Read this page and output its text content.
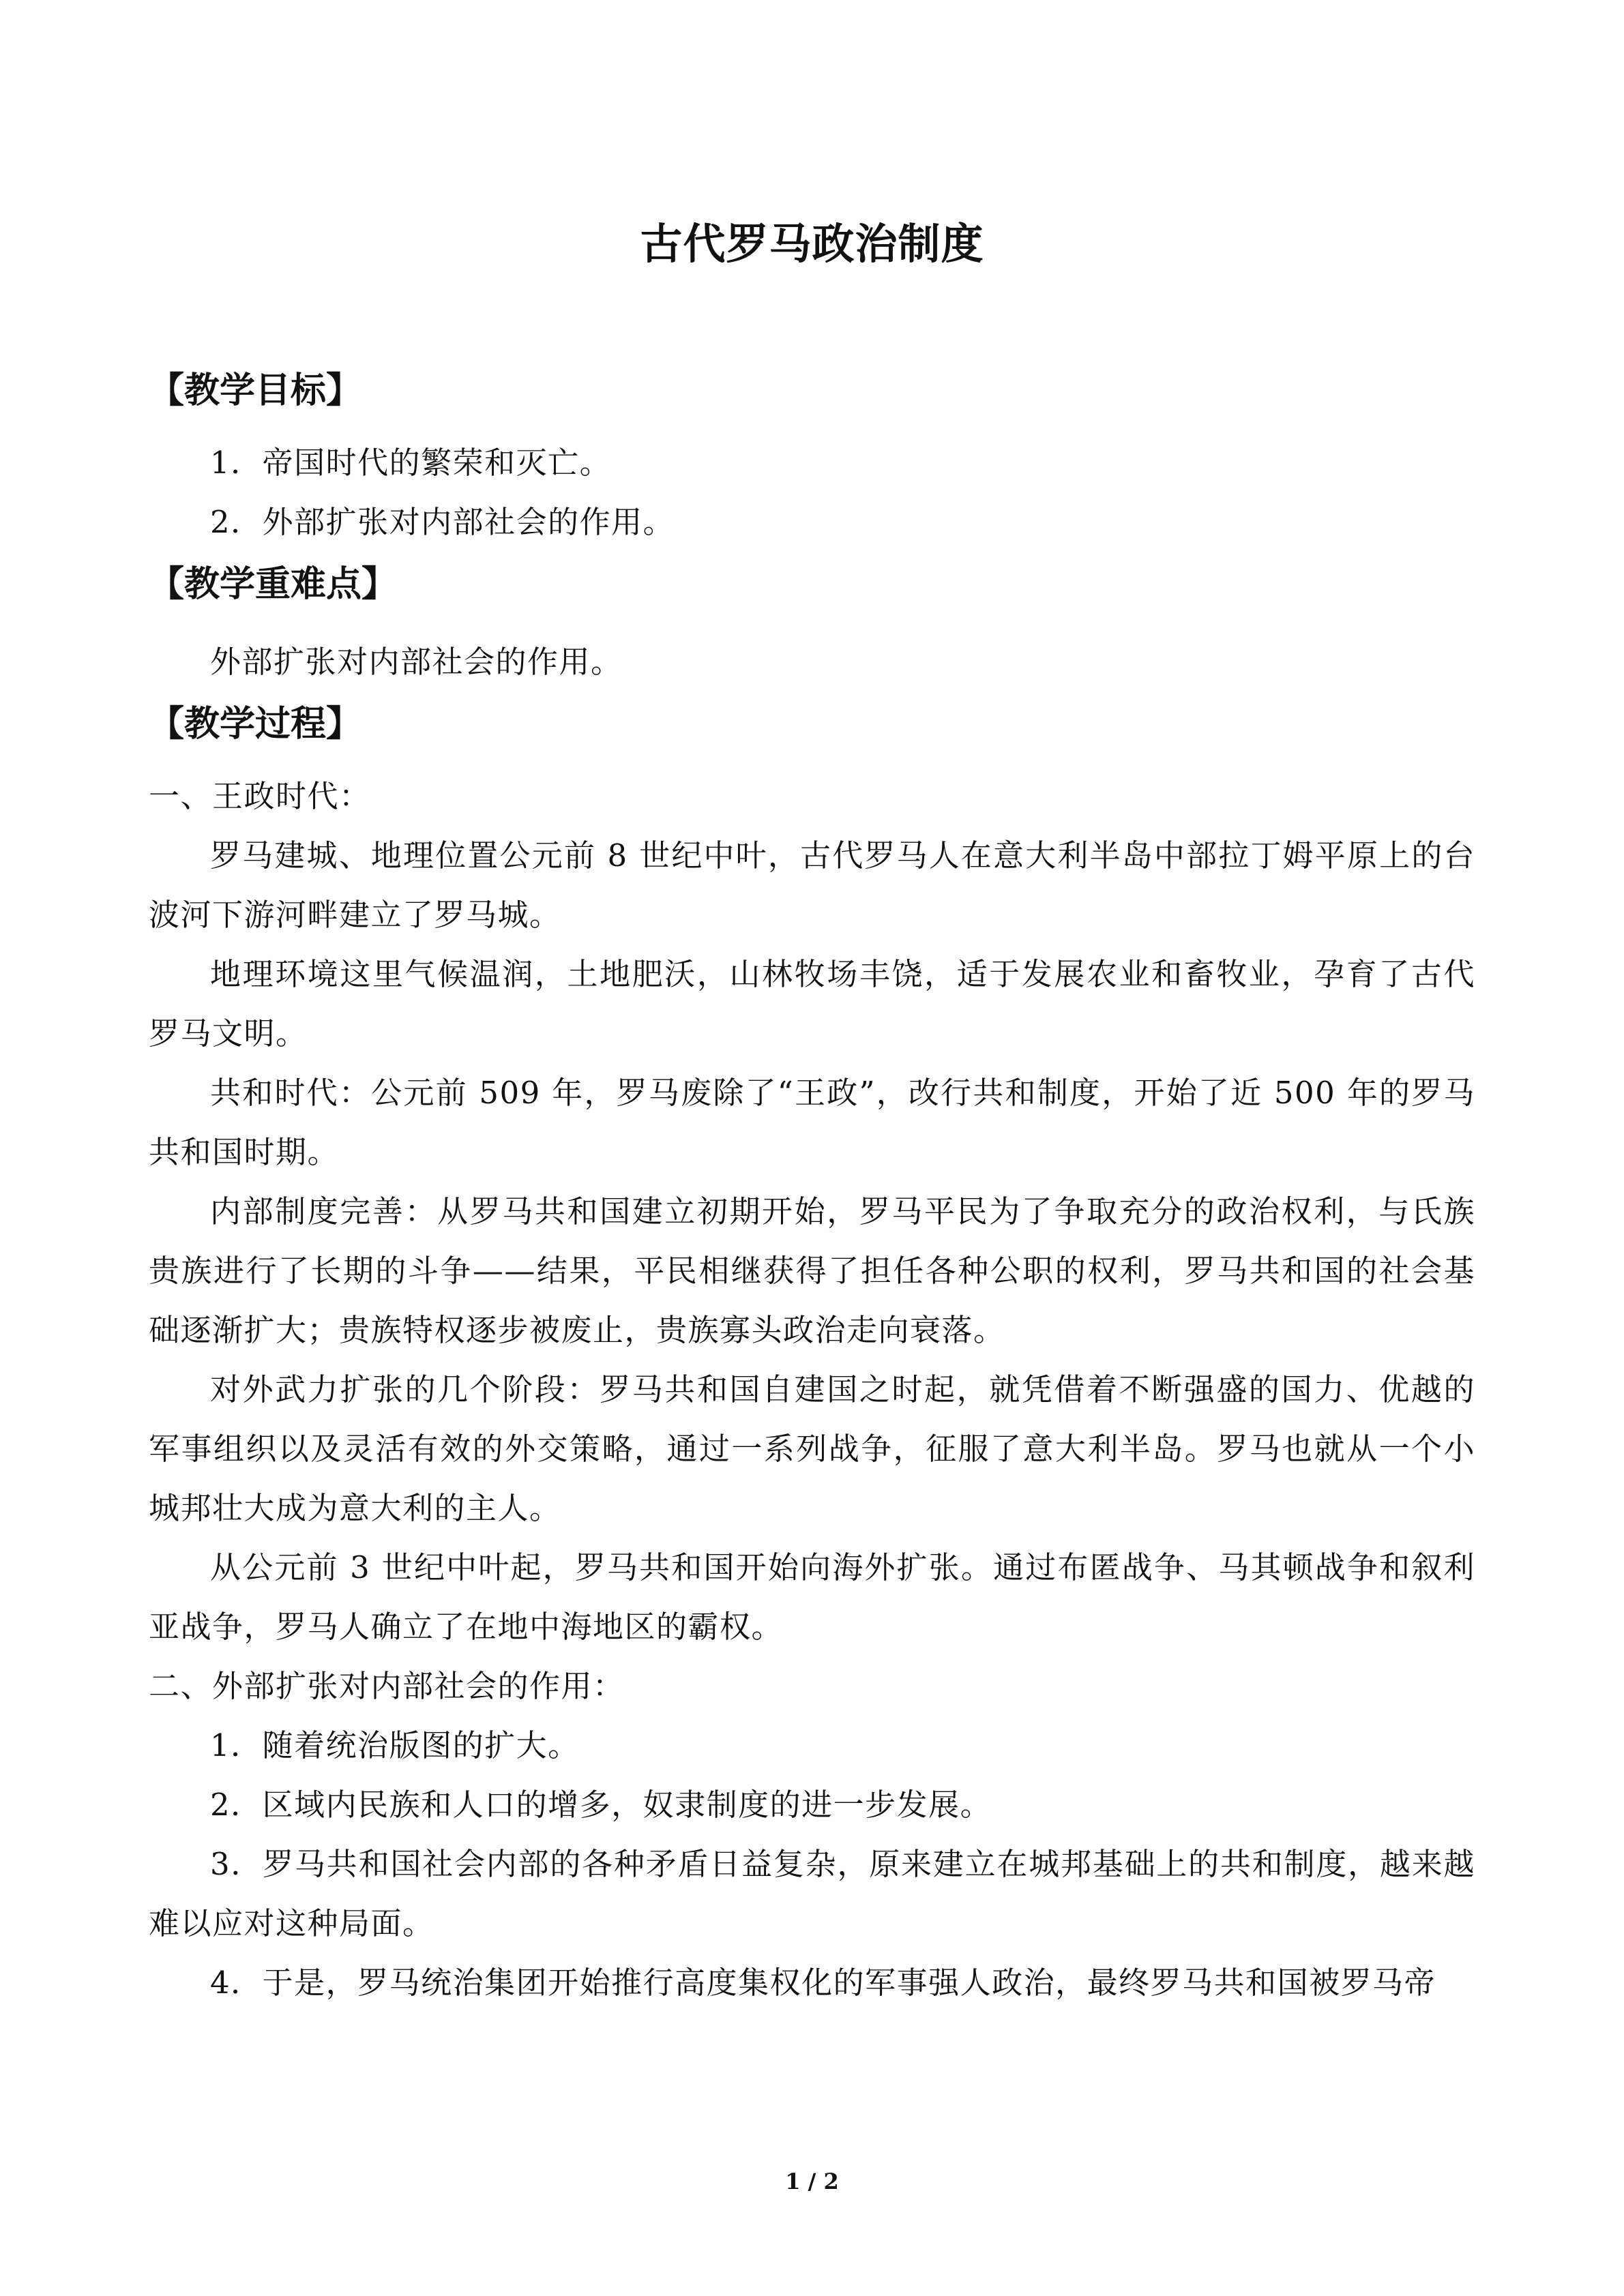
古代罗马政治制度
【教学目标】

1．帝国时代的繁荣和灭亡。

2．外部扩张对内部社会的作用。

【教学重难点】

外部扩张对内部社会的作用。

【教学过程】

一、王政时代：

罗马建城、地理位置公元前 8 世纪中叶，古代罗马人在意大利半岛中部拉丁姆平原上的台波河下游河畔建立了罗马城。

地理环境这里气候温润，土地肥沃，山林牧场丰饶，适于发展农业和畜牧业，孕育了古代罗马文明。

共和时代：公元前 509 年，罗马废除了“王政”，改行共和制度，开始了近 500 年的罗马共和国时期。

内部制度完善：从罗马共和国建立初期开始，罗马平民为了争取充分的政治权利，与氏族贵族进行了长期的斗争——结果，平民相继获得了担任各种公职的权利，罗马共和国的社会基础逐渐扩大；贵族特权逐步被废止，贵族寡头政治走向衰落。

对外武力扩张的几个阶段：罗马共和国自建国之时起，就凭借着不断强盛的国力、优越的军事组织以及灵活有效的外交策略，通过一系列战争，征服了意大利半岛。罗马也就从一个小城邦壮大成为意大利的主人。

从公元前 3 世纪中叶起，罗马共和国开始向海外扩张。通过布匿战争、马其顿战争和叙利亚战争，罗马人确立了在地中海地区的霸权。

二、外部扩张对内部社会的作用：

1．随着统治版图的扩大。

2．区域内民族和人口的增多，奴隶制度的进一步发展。

3．罗马共和国社会内部的各种矛盾日益复杂，原来建立在城邦基础上的共和制度，越来越难以应对这种局面。

4．于是，罗马统治集团开始推行高度集权化的军事强人政治，最终罗马共和国被罗马帝

1 / 2
